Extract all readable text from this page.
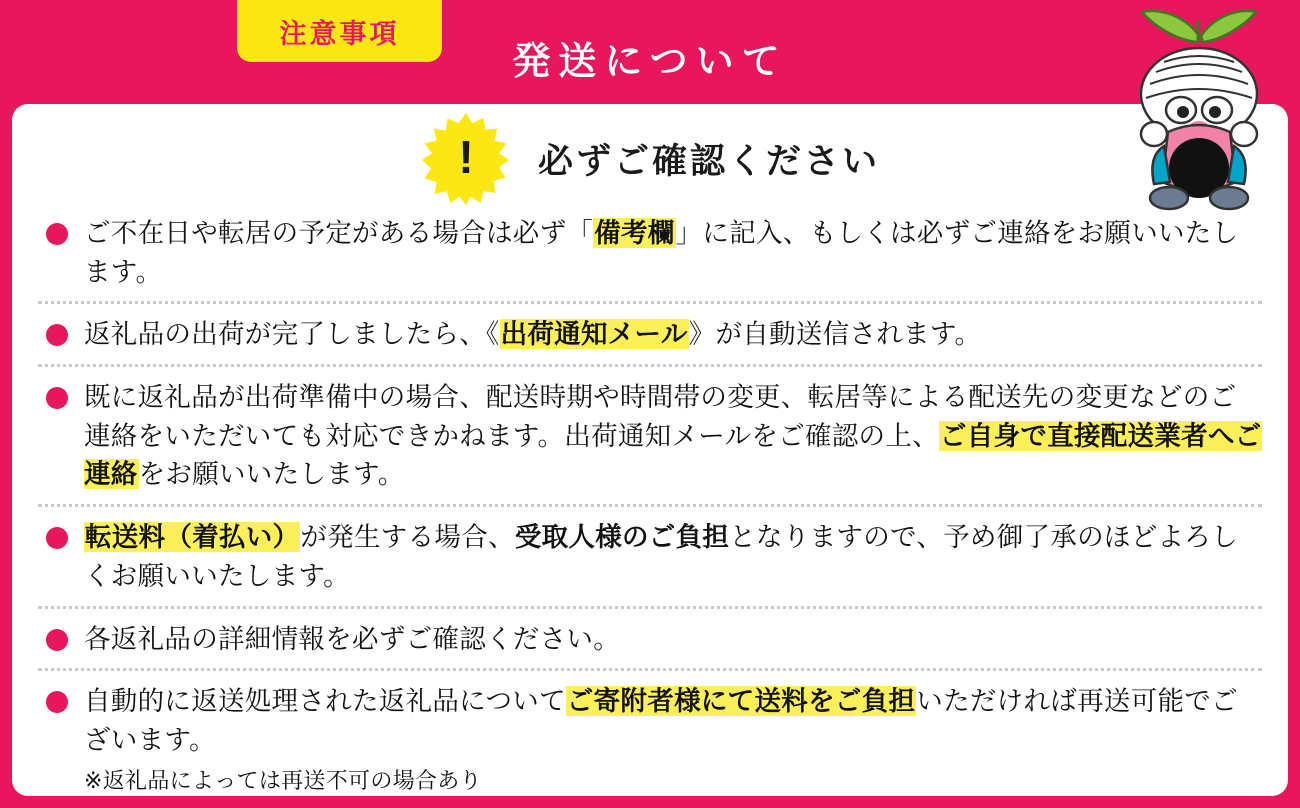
注意事項
発送について
!	必ずご確認ください
ご不在日や転居の予定がある場合は必ず「備考欄」に記入、もしくは必ずご連絡をお願いいたします。
返礼品の出荷が完了しましたら、《出荷通知メール》が自動送信されます。
既に返礼品が出荷準備中の場合、配送時期や時間帯の変更、転居等による配送先の変更などのご連絡をいただいても対応できかねます。出荷通知メールをご確認の上、ご自身で直接配送業者へご連絡をお願いいたします。
転送料（着払い）が発生する場合、受取人様のご負担となりますので、予め御了承のほどよろしくお願いいたします。
各返礼品の詳細情報を必ずご確認ください。
自動的に返送処理された返礼品についてご寄附者様にて送料をご負担いただければ再送可能でございます。
※返礼品によっては再送不可の場合あり
